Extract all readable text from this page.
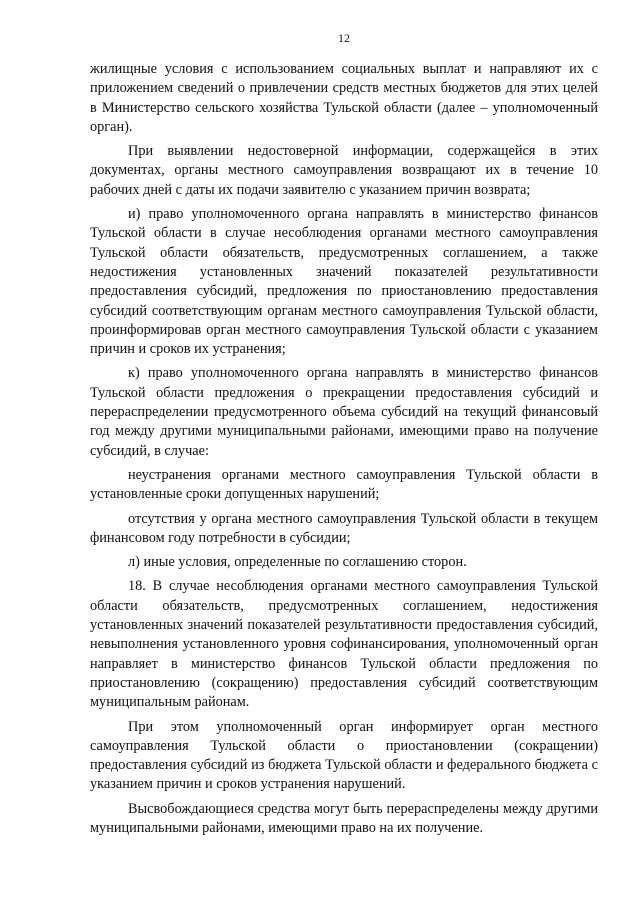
12

жилищные условия с использованием социальных выплат и направляют их с приложением сведений о привлечении средств местных бюджетов для этих целей в Министерство сельского хозяйства Тульской области (далее – уполномоченный орган).

При выявлении недостоверной информации, содержащейся в этих документах, органы местного самоуправления возвращают их в течение 10 рабочих дней с даты их подачи заявителю с указанием причин возврата;

и) право уполномоченного органа направлять в министерство финансов Тульской области в случае несоблюдения органами местного самоуправления Тульской области обязательств, предусмотренных соглашением, а также недостижения установленных значений показателей результативности предоставления субсидий, предложения по приостановлению предоставления субсидий соответствующим органам местного самоуправления Тульской области, проинформировав орган местного самоуправления Тульской области с указанием причин и сроков их устранения;

к) право уполномоченного органа направлять в министерство финансов Тульской области предложения о прекращении предоставления субсидий и перераспределении предусмотренного объема субсидий на текущий финансовый год между другими муниципальными районами, имеющими право на получение субсидий, в случае:

неустранения органами местного самоуправления Тульской области в установленные сроки допущенных нарушений;

отсутствия у органа местного самоуправления Тульской области в текущем финансовом году потребности в субсидии;

л) иные условия, определенные по соглашению сторон.

18. В случае несоблюдения органами местного самоуправления Тульской области обязательств, предусмотренных соглашением, недостижения установленных значений показателей результативности предоставления субсидий, невыполнения установленного уровня софинансирования, уполномоченный орган направляет в министерство финансов Тульской области предложения по приостановлению (сокращению) предоставления субсидий соответствующим муниципальным районам.

При этом уполномоченный орган информирует орган местного самоуправления Тульской области о приостановлении (сокращении) предоставления субсидий из бюджета Тульской области и федерального бюджета с указанием причин и сроков устранения нарушений.

Высвобождающиеся средства могут быть перераспределены между другими муниципальными районами, имеющими право на их получение.
